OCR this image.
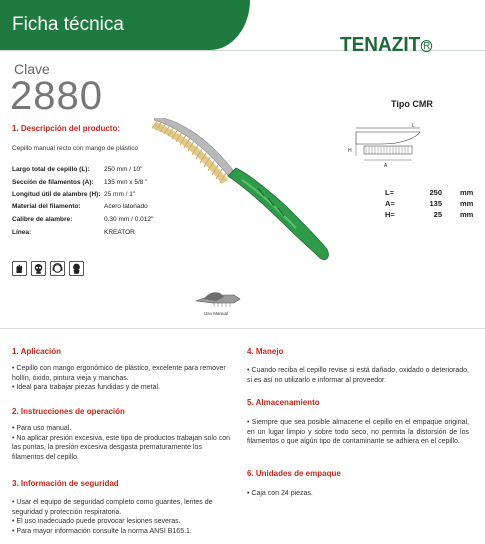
Ficha técnica
TENAZIT R
Clave
2880
1. Descripción del producto:
Cepillo manual recto con mango de plástico
Largo total de cepillo (L): 250 mm / 10"
Sección de filamentos (A): 135 mm x 5/8 "
Longitud útil de alambre (H): 25 mm / 1"
Material del filamento:	Acero latonado
Calibre de alambre:	0.30 mm / 0.012"
Línea:	KREATOR
Tipo CMR
L
H
A
L=	250 mm
A=	135 mm
H=	25 mm
Uso Manual
1. Aplicación

• Cepillo con mango ergonómico de plástico, excelente para remover hollín, óxido, pintura vieja y manchas.

• Ideal para trabajar piezas fundidas y de metal.

2. Instrucciones de operación

• Para uso manual.

• No aplicar presión excesiva, este tipo de productos trabajan solo con las puntas, la presión excesiva desgasta prematuramente los filamentos del cepillo.

3. Información de seguridad

• Usar el equipo de seguridad completo como guantes, lentes de seguridad y protección respiratoria.

• El uso inadecuado puede provocar lesiones severas.

• Para mayor información consulte la norma ANSI B165.1.

4. Manejo

• Cuando reciba el cepillo revise si está dañado, oxidado o deteriorado, si es así no utilizarlo e informar al proveedor.

5. Almacenamiento

• Siempre que sea posible almacene el cepillo en el empaque original, en un lugar limpio y sobre todo seco, no permita la distorsión de los filamentos o que algún tipo de contaminante se adhiera en el cepillo.

6. Unidades de empaque

• Caja con 24 piezas.
